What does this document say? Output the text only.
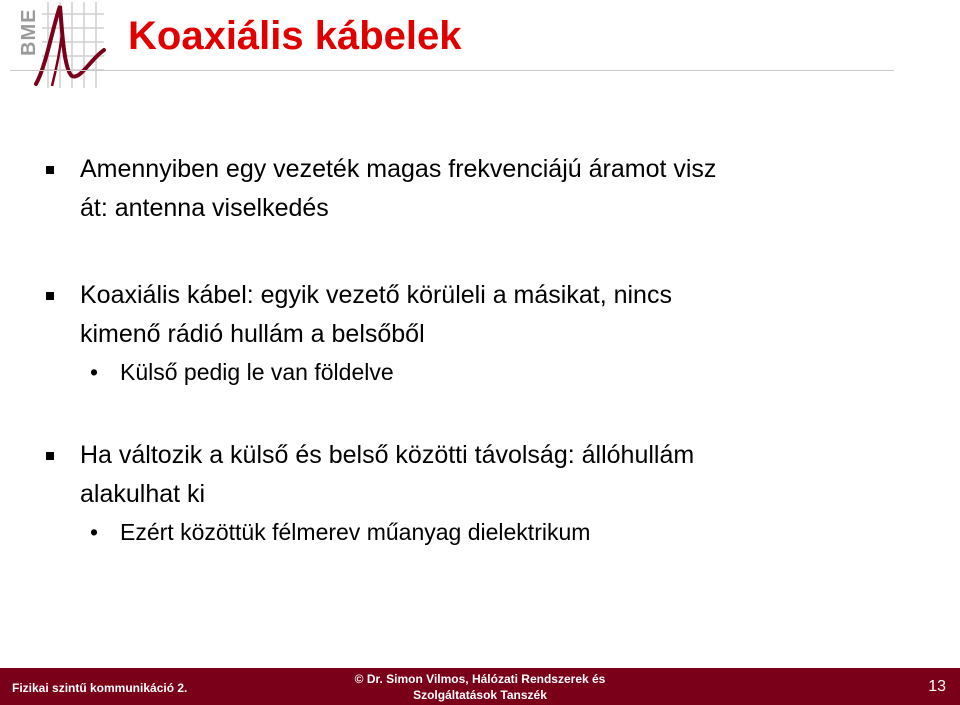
BME Koaxiális kábelek
Amennyiben egy vezeték magas frekvenciájú áramot visz
át: antenna viselkedés
Koaxiális kábel: egyik vezető körüleli a másikat, nincs
kimenő rádió hullám a belsőből
• Külső pedig le van földelve
Ha változik a külső és belső közötti távolság: állóhullám
alakulhat ki
• Ezért közöttük félmerev műanyag dielektrikum
Fizikai szintű kommunikáció 2.
© Dr. Simon Vilmos, Hálózati Rendszerek és
Szolgáltatások Tanszék	13
